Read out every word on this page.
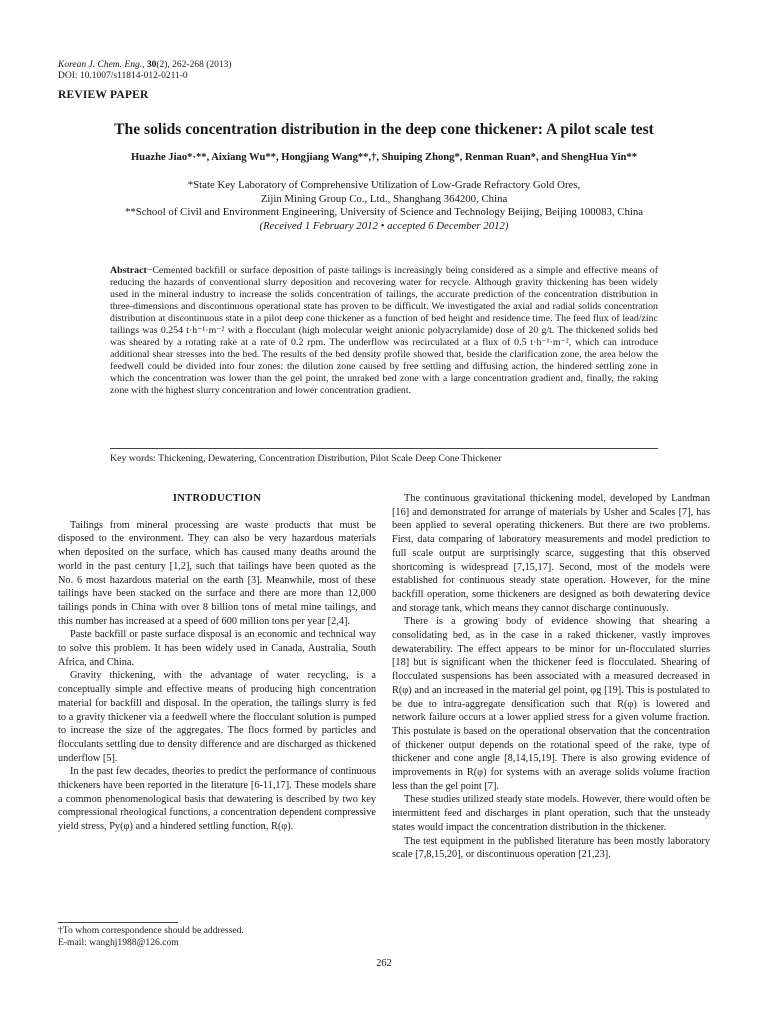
Korean J. Chem. Eng., 30(2), 262-268 (2013)
DOI: 10.1007/s11814-012-0211-0
REVIEW PAPER
The solids concentration distribution in the deep cone thickener: A pilot scale test
Huazhe Jiao*·**, Aixiang Wu**, Hongjiang Wang**,†, Shuiping Zhong*, Renman Ruan*, and ShengHua Yin**
*State Key Laboratory of Comprehensive Utilization of Low-Grade Refractory Gold Ores,
Zijin Mining Group Co., Ltd., Shanghang 364200, China
**School of Civil and Environment Engineering, University of Science and Technology Beijing, Beijing 100083, China
(Received 1 February 2012 • accepted 6 December 2012)
Abstract−Cemented backfill or surface deposition of paste tailings is increasingly being considered as a simple and effective means of reducing the hazards of conventional slurry deposition and recovering water for recycle. Although gravity thickening has been widely used in the mineral industry to increase the solids concentration of tailings, the accurate prediction of the concentration distribution in three-dimensions and discontinuous operational state has proven to be difficult. We investigated the axial and radial solids concentration distribution at discontinuous state in a pilot deep cone thickener as a function of bed height and residence time. The feed flux of lead/zinc tailings was 0.254 t·h⁻¹·m⁻² with a flocculant (high molecular weight anionic polyacrylamide) dose of 20 g/t. The thickened solids bed was sheared by a rotating rake at a rate of 0.2 rpm. The underflow was recirculated at a flux of 0.5 t·h⁻¹·m⁻², which can introduce additional shear stresses into the bed. The results of the bed density profile showed that, beside the clarification zone, the area below the feedwell could be divided into four zones: the dilution zone caused by free settling and diffusing action, the hindered settling zone in which the concentration was lower than the gel point, the unraked bed zone with a large concentration gradient and, finally, the raking zone with the highest slurry concentration and lower concentration gradient.
Key words: Thickening, Dewatering, Concentration Distribution, Pilot Scale Deep Cone Thickener
INTRODUCTION

Tailings from mineral processing are waste products that must be disposed to the environment. They can also be very hazardous materials when deposited on the surface, which has caused many deaths around the world in the past century [1,2], such that tailings have been quoted as the No. 6 most hazardous material on the earth [3]. Meanwhile, most of these tailings have been stacked on the surface and there are more than 12,000 tailings ponds in China with over 8 billion tons of metal mine tailings, and this number has increased at a speed of 600 million tons per year [2,4].

Paste backfill or paste surface disposal is an economic and technical way to solve this problem. It has been widely used in Canada, Australia, South Africa, and China.

Gravity thickening, with the advantage of water recycling, is a conceptually simple and effective means of producing high concentration material for backfill and disposal. In the operation, the tailings slurry is fed to a gravity thickener via a feedwell where the flocculant solution is pumped to increase the size of the aggregates. The flocs formed by particles and flocculants settling due to density difference and are discharged as thickened underflow [5].

In the past few decades, theories to predict the performance of continuous thickeners have been reported in the literature [6-11,17]. These models share a common phenomenological basis that dewatering is described by two key compressional rheological functions, a concentration dependent compressive yield stress, Py(φ) and a hindered settling function, R(φ).

The continuous gravitational thickening model, developed by Landman [16] and demonstrated for arrange of materials by Usher and Scales [7], has been applied to several operating thickeners. But there are two problems. First, data comparing of laboratory measurements and model prediction to full scale output are surprisingly scarce, suggesting that this observed shortcoming is widespread [7,15,17]. Second, most of the models were established for continuous steady state operation. However, for the mine backfill operation, some thickeners are designed as both dewatering device and storage tank, which means they cannot discharge continuously.

There is a growing body of evidence showing that shearing a consolidating bed, as in the case in a raked thickener, vastly improves dewaterability. The effect appears to be minor for un-flocculated slurries [18] but is significant when the thickener feed is flocculated. Shearing of flocculated suspensions has been associated with a measured decreased in R(φ) and an increased in the material gel point, φg [19]. This is postulated to be due to intra-aggregate densification such that R(φ) is lowered and network failure occurs at a lower applied stress for a given volume fraction. This postulate is based on the operational observation that the concentration of thickener output depends on the rotational speed of the rake, type of thickener and cone angle [8,14,15,19]. There is also growing evidence of improvements in R(φ) for systems with an average solids volume fraction less than the gel point [7].

These studies utilized steady state models. However, there would often be intermittent feed and discharges in plant operation, such that the unsteady states would impact the concentration distribution in the thickener.

The test equipment in the published literature has been mostly laboratory scale [7,8,15,20], or discontinuous operation [21,23].

†To whom correspondence should be addressed.
E-mail: wanghj1988@126.com
262
